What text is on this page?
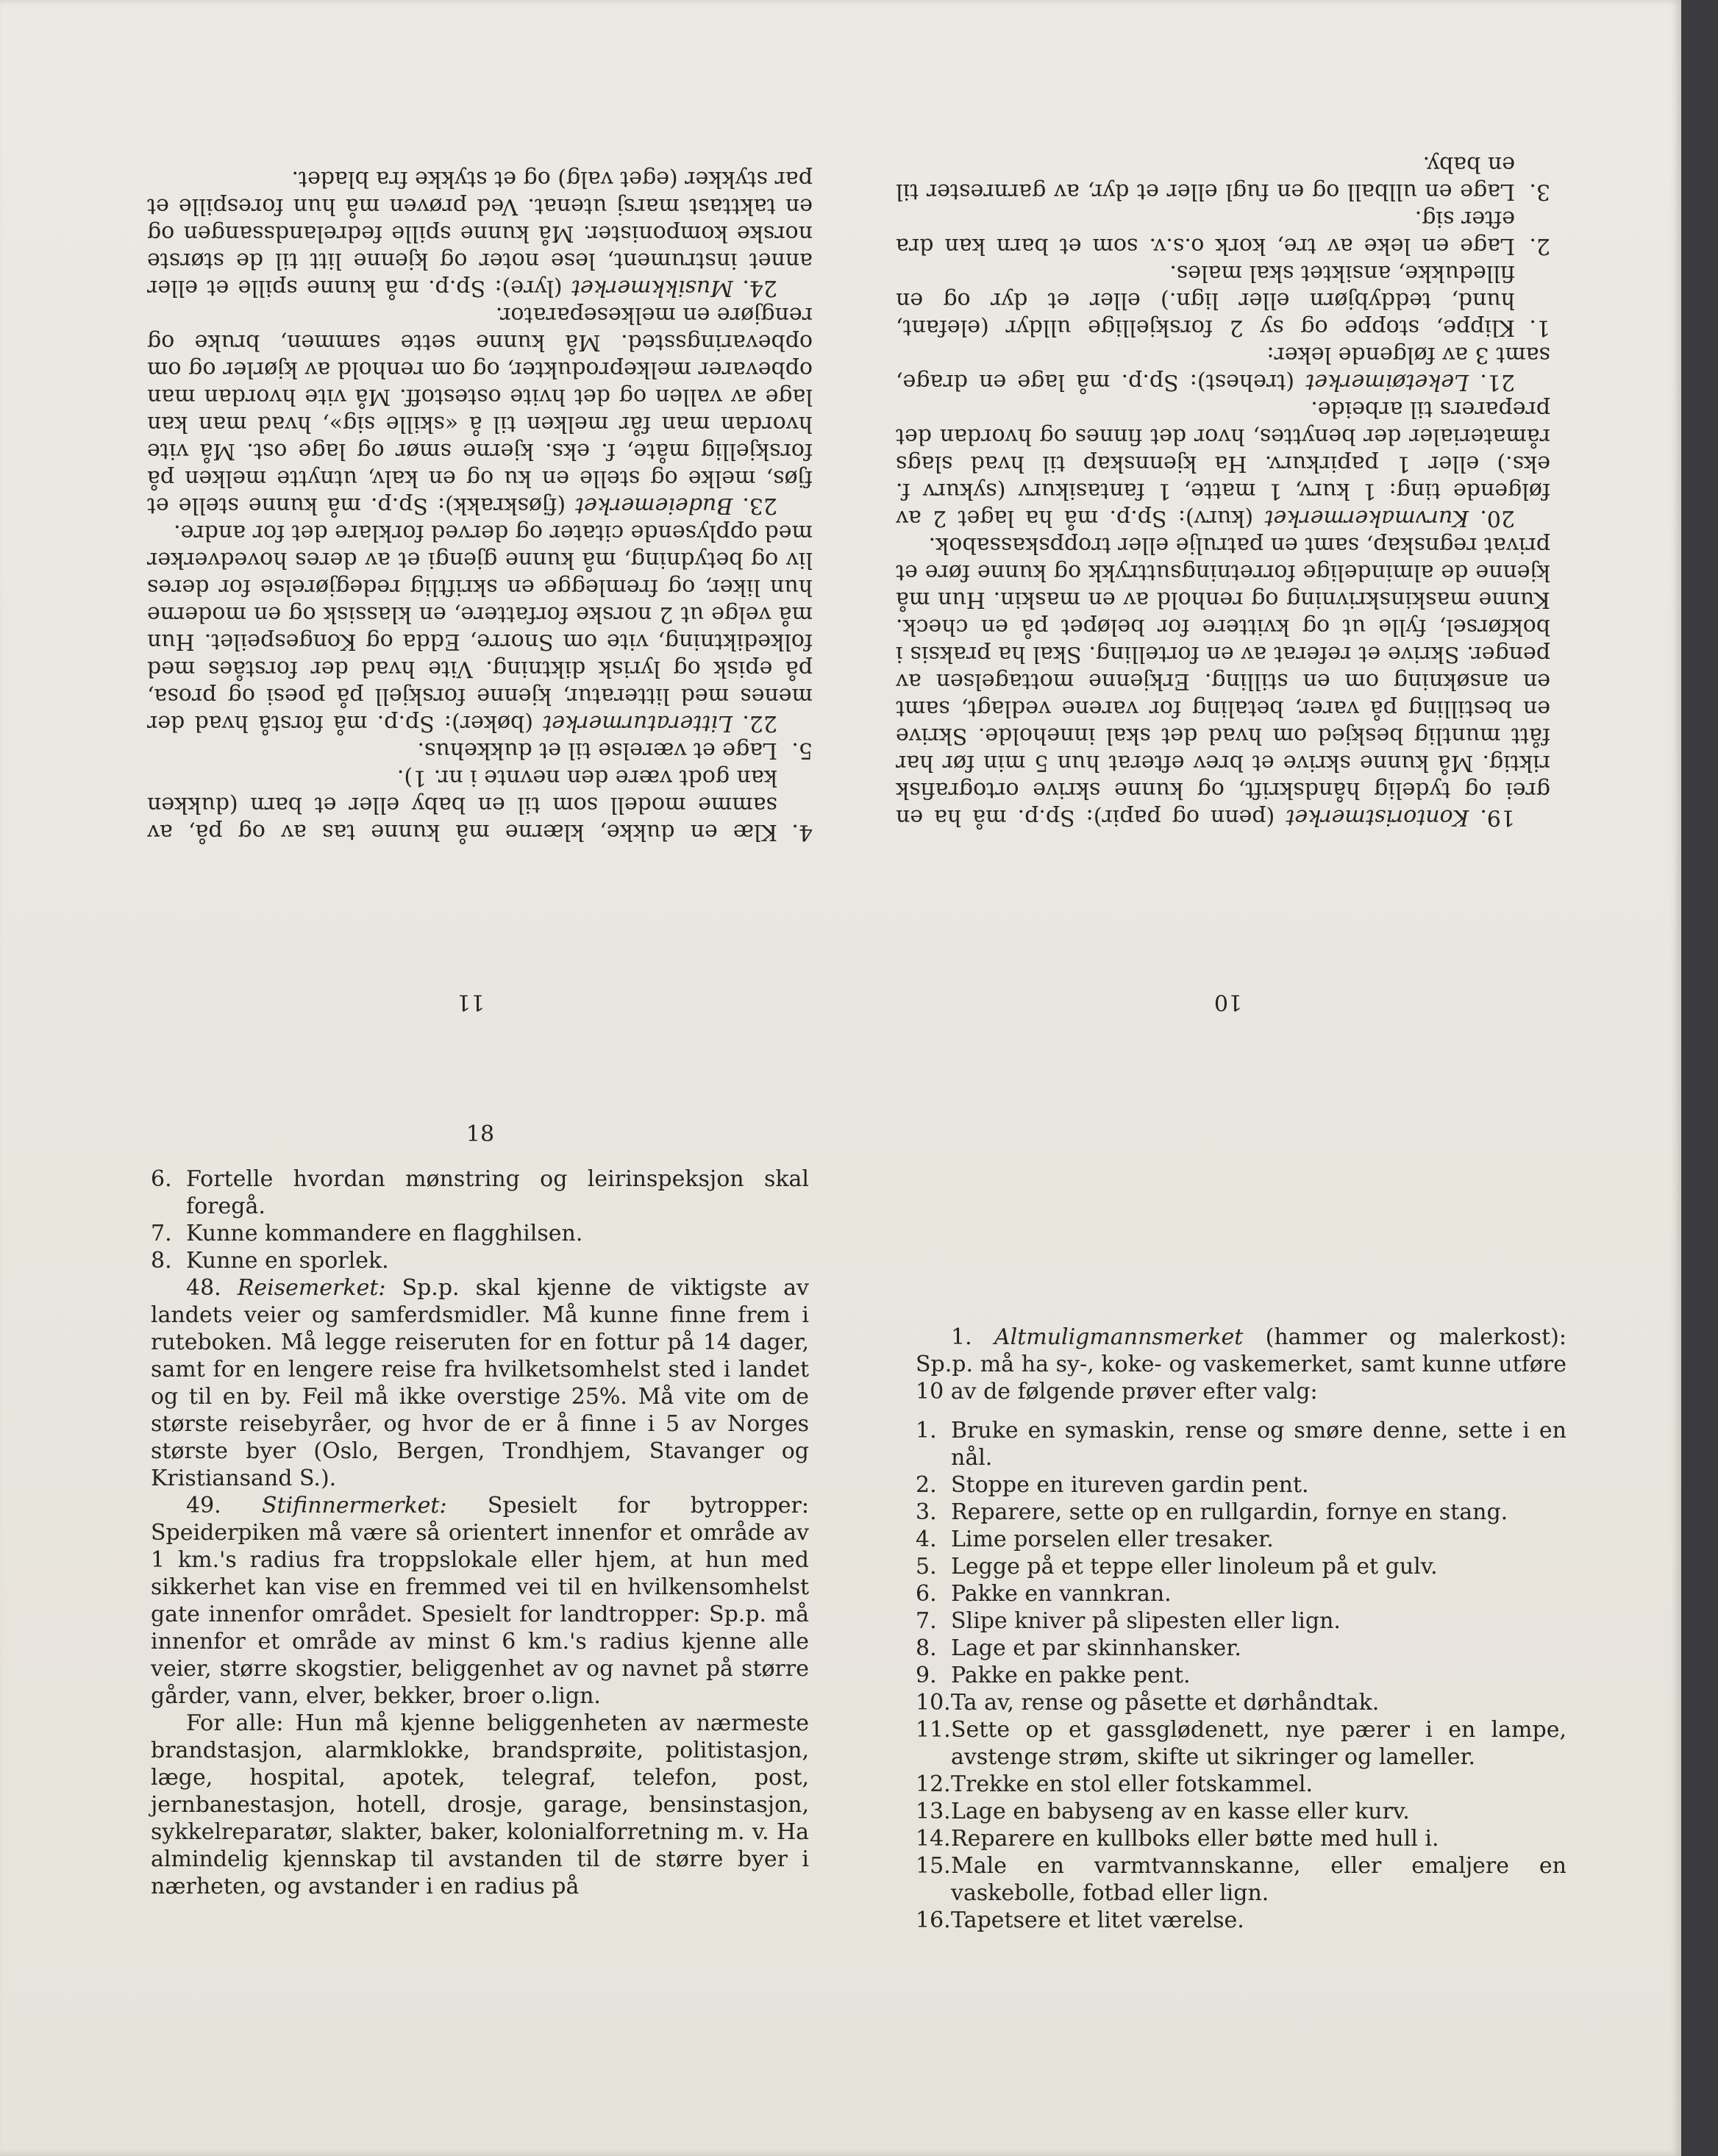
10

19. Kontoristmerket (penn og papir): Sp.p. må ha en grei og tydelig håndskrift, og kunne skrive ortografisk riktig. Må kunne skrive et brev efterat hun 5 min før har fått muntlig beskjed om hvad det skal inneholde. Skrive en bestilling på varer, betaling for varene vedlagt, samt en ansøkning om en stilling. Erkjenne mottagelsen av penger. Skrive et referat av en fortelling. Skal ha praksis i bokførsel, fylle ut og kvittere for beløpet på en check. Kunne maskinskrivning og renhold av en maskin. Hun må kjenne de almindelige forretningsuttrykk og kunne føre et privat regnskap, samt en patrulje eller troppskassabok.

20. Kurvmakermerket (kurv): Sp.p. må ha laget 2 av følgende ting: 1 kurv, 1 matte, 1 fantasikurv (sykurv f. eks.) eller 1 papirkurv. Ha kjennskap til hvad slags råmaterialer der benyttes, hvor det finnes og hvordan det preparers til arbeide.

21. Leketøimerket (trehest): Sp.p. må lage en drage, samt 3 av følgende leker:

1.Klippe, stoppe og sy 2 forskjellige ulldyr (elefant, hund, teddybjørn eller lign.) eller et dyr og en filledukke, ansiktet skal males.

2.Lage en leke av tre, kork o.s.v. som et barn kan dra efter sig.

3.Lage en ullball og en fugl eller et dyr, av garnrester til en baby.

11

4.Klæ en dukke, klærne må kunne tas av og på, av samme modell som til en baby eller et barn (dukken kan godt være den nevnte i nr. 1).

5.Lage et værelse til et dukkehus.

22. Litteraturmerket (bøker): Sp.p. må forstå hvad der menes med litteratur, kjenne forskjell på poesi og prosa, på episk og lyrisk diktning. Vite hvad der forståes med folkediktning, vite om Snorre, Edda og Kongespeilet. Hun må velge ut 2 norske forfattere, en klassisk og en moderne hun liker, og fremlegge en skriftlig redegjørelse for deres liv og betydning, må kunne gjengi et av deres hovedverker med opplysende citater og derved forklare det for andre.

23. Budeiemerket (fjøskrakk): Sp.p. må kunne stelle et fjøs, melke og stelle en ku og en kalv, utnytte melken på forskjellig måte, f. eks. kjerne smør og lage ost. Må vite hvordan man får melken til å «skille sig», hvad man kan lage av vallen og det hvite ostestoff. Må vite hvordan man opbevarer melkeprodukter, og om renhold av kjørler og om opbevaringssted. Må kunne sette sammen, bruke og rengjøre en melkeseparator.

24. Musikkmerket (lyre): Sp.p. må kunne spille et eller annet instrument, lese noter og kjenne litt til de største norske komponister. Må kunne spille fedrelandssangen og en takttast marsj utenat. Ved prøven må hun forespille et par stykker (eget valg) og et stykke fra bladet.

18

6. Fortelle hvordan mønstring og leirinspeksjon skal foregå.

7. Kunne kommandere en flagghilsen.

8. Kunne en sporlek.

48. Reisemerket: Sp.p. skal kjenne de viktigste av landets veier og samferdsmidler. Må kunne finne frem i ruteboken. Må legge reiseruten for en fottur på 14 dager, samt for en lengere reise fra hvilketsomhelst sted i landet og til en by. Feil må ikke overstige 25%. Må vite om de største reisebyråer, og hvor de er å finne i 5 av Norges største byer (Oslo, Bergen, Trondhjem, Stavanger og Kristiansand S.).

49. Stifinnermerket: Spesielt for bytropper: Speiderpiken må være så orientert innenfor et område av 1 km.'s radius fra troppslokale eller hjem, at hun med sikkerhet kan vise en fremmed vei til en hvilkensomhelst gate innenfor området. Spesielt for landtropper: Sp.p. må innenfor et område av minst 6 km.'s radius kjenne alle veier, større skogstier, beliggenhet av og navnet på større gårder, vann, elver, bekker, broer o.lign.

For alle: Hun må kjenne beliggenheten av nærmeste brandstasjon, alarmklokke, brandsprøite, politistasjon, læge, hospital, apotek, telegraf, telefon, post, jernbanestasjon, hotell, drosje, garage, bensinstasjon, sykkelreparatør, slakter, baker, kolonialforretning m. v. Ha almindelig kjennskap til avstanden til de større byer i nærheten, og avstander i en radius på

1. Altmuligmannsmerket (hammer og malerkost): Sp.p. må ha sy-, koke- og vaskemerket, samt kunne utføre 10 av de følgende prøver efter valg:

1. Bruke en symaskin, rense og smøre denne, sette i en nål.

2. Stoppe en itureven gardin pent.

3. Reparere, sette op en rullgardin, fornye en stang.

4. Lime porselen eller tresaker.

5. Legge på et teppe eller linoleum på et gulv.

6. Pakke en vannkran.

7. Slipe kniver på slipesten eller lign.

8. Lage et par skinnhansker.

9. Pakke en pakke pent.

10.Ta av, rense og påsette et dørhåndtak.

11.Sette op et gassglødenett, nye pærer i en lampe, avstenge strøm, skifte ut sikringer og lameller.

12.Trekke en stol eller fotskammel.

13.Lage en babyseng av en kasse eller kurv.

14.Reparere en kullboks eller bøtte med hull i.

15.Male en varmtvannskanne, eller emaljere en vaskebolle, fotbad eller lign.

16.Tapetsere et litet værelse.
